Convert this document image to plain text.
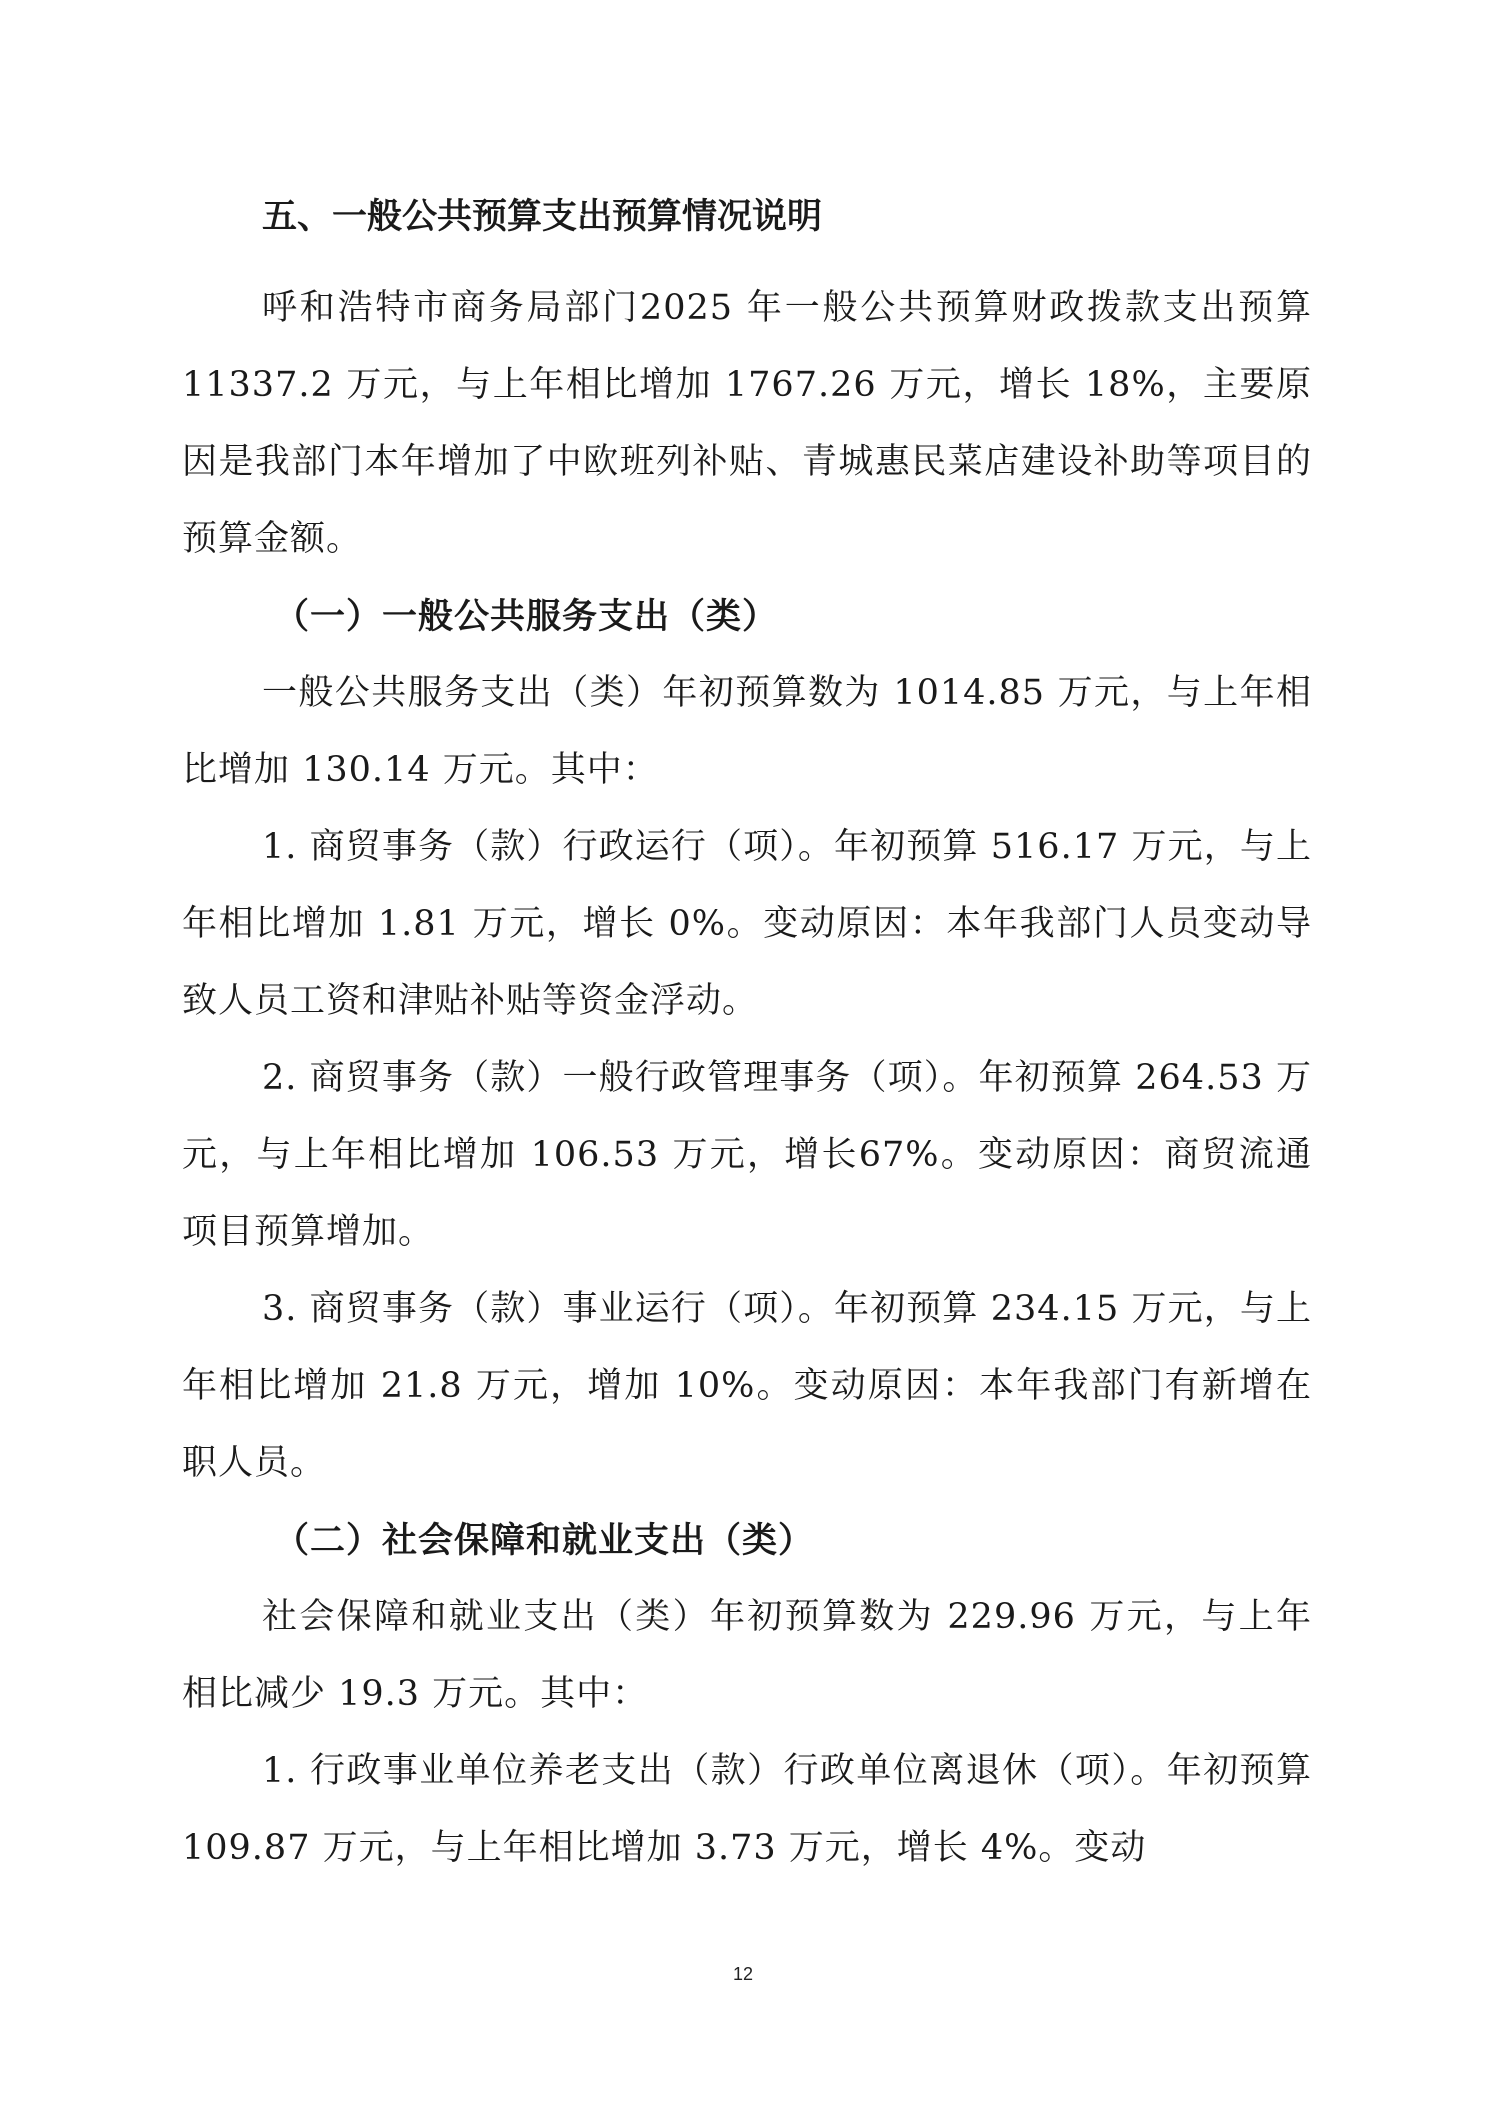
五、一般公共预算支出预算情况说明

呼和浩特市商务局部门2025 年一般公共预算财政拨款支出预算 11337.2 万元，与上年相比增加 1767.26 万元，增长 18%，主要原因是我部门本年增加了中欧班列补贴、青城惠民菜店建设补助等项目的预算金额。

（一）一般公共服务支出（类）

一般公共服务支出（类）年初预算数为 1014.85 万元，与上年相比增加 130.14 万元。其中：

1. 商贸事务（款）行政运行（项）。年初预算 516.17 万元，与上年相比增加 1.81 万元，增长 0%。变动原因：本年我部门人员变动导致人员工资和津贴补贴等资金浮动。

2. 商贸事务（款）一般行政管理事务（项）。年初预算 264.53 万元，与上年相比增加 106.53 万元，增长67%。变动原因：商贸流通项目预算增加。

3. 商贸事务（款）事业运行（项）。年初预算 234.15 万元，与上年相比增加 21.8 万元，增加 10%。变动原因：本年我部门有新增在职人员。

（二）社会保障和就业支出（类）

社会保障和就业支出（类）年初预算数为 229.96 万元，与上年相比减少 19.3 万元。其中：

1. 行政事业单位养老支出（款）行政单位离退休（项）。年初预算 109.87 万元，与上年相比增加 3.73 万元，增长 4%。变动

12
